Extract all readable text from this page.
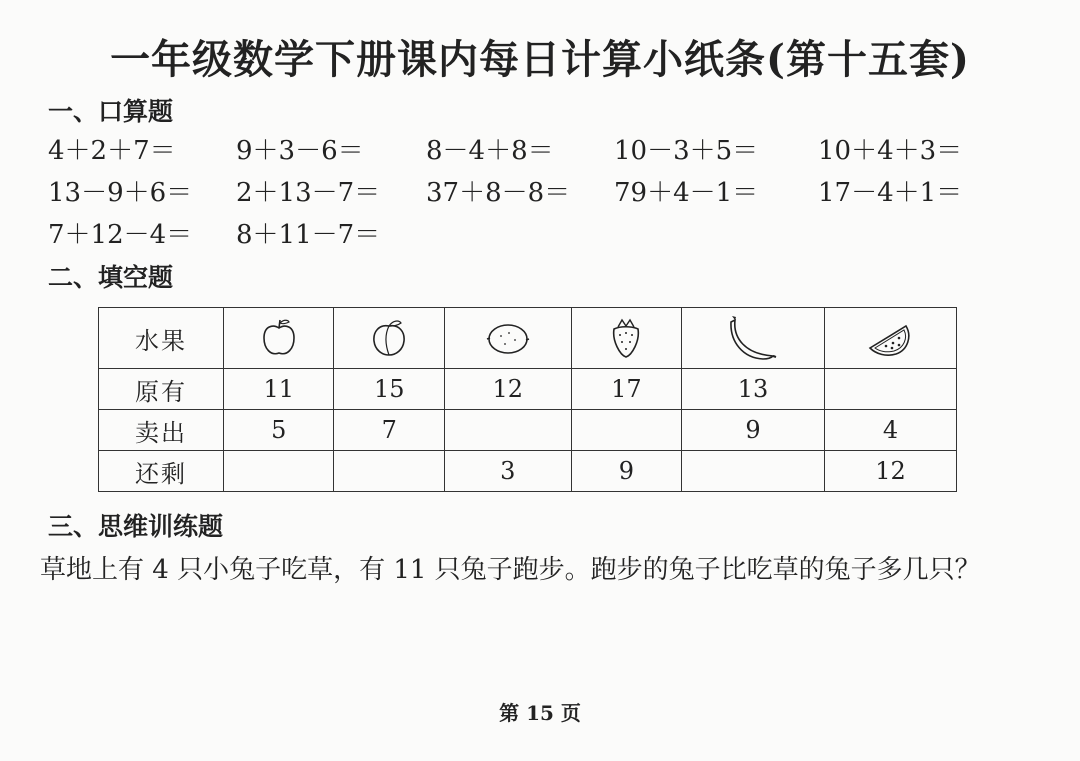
一年级数学下册课内每日计算小纸条(第十五套)
一、口算题
4＋2＋7＝ 9＋3－6＝ 8－4＋8＝ 10－3＋5＝ 10＋4＋3＝
13－9＋6＝ 2＋13－7＝ 37＋8－8＝ 79＋4－1＝ 17－4＋1＝
7＋12－4＝ 8＋11－7＝
二、填空题
水果	

原有	11	15	12	17	13	
卖出	5	7			9	4
还剩			3	9		12
三、思维训练题
草地上有 4 只小兔子吃草，有 11 只兔子跑步。跑步的兔子比吃草的兔子多几只？
第 15 页
